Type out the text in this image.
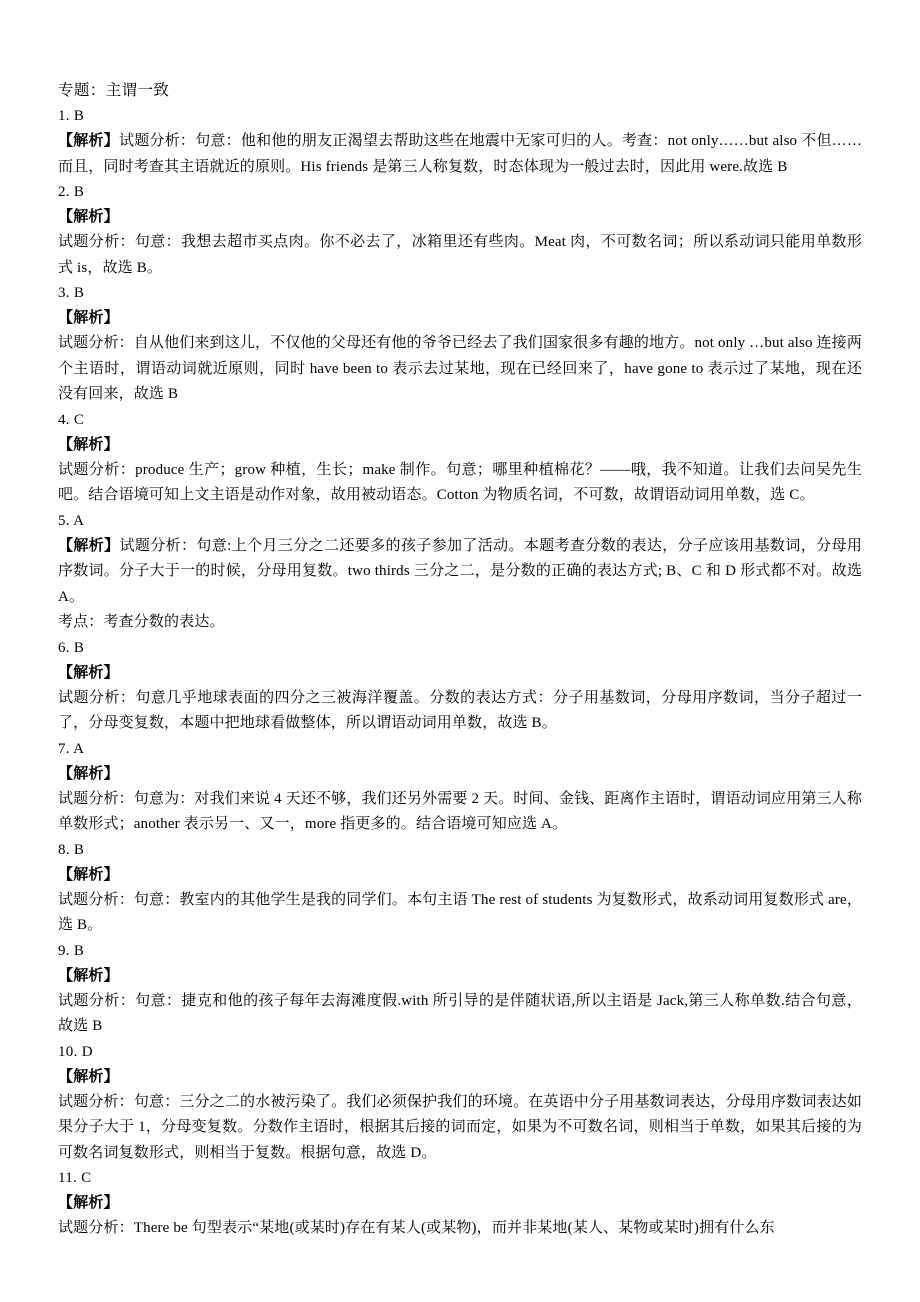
专题：主谓一致
1. B
【解析】试题分析：句意：他和他的朋友正渴望去帮助这些在地震中无家可归的人。考查：not only……but also 不但……而且，同时考查其主语就近的原则。His friends 是第三人称复数，时态体现为一般过去时，因此用 were.故选 B
2. B
【解析】
试题分析：句意：我想去超市买点肉。你不必去了，冰箱里还有些肉。Meat 肉，不可数名词；所以系动词只能用单数形式 is，故选 B。
3. B
【解析】
试题分析：自从他们来到这儿，不仅他的父母还有他的爷爷已经去了我们国家很多有趣的地方。not only …but also 连接两个主语时，谓语动词就近原则，同时 have been to 表示去过某地，现在已经回来了，have gone to 表示过了某地，现在还没有回来，故选 B
4. C
【解析】
试题分析：produce 生产；grow 种植，生长；make 制作。句意；哪里种植棉花？——哦，我不知道。让我们去问吴先生吧。结合语境可知上文主语是动作对象，故用被动语态。Cotton 为物质名词，不可数，故谓语动词用单数，选 C。
5. A
【解析】试题分析：句意:上个月三分之二还要多的孩子参加了活动。本题考查分数的表达，分子应该用基数词，分母用序数词。分子大于一的时候，分母用复数。two thirds 三分之二，是分数的正确的表达方式; B、C 和 D 形式都不对。故选 A。
考点：考查分数的表达。
6. B
【解析】
试题分析：句意几乎地球表面的四分之三被海洋覆盖。分数的表达方式：分子用基数词，分母用序数词，当分子超过一了，分母变复数，本题中把地球看做整体，所以谓语动词用单数，故选 B。
7. A
【解析】
试题分析：句意为：对我们来说 4 天还不够，我们还另外需要 2 天。时间、金钱、距离作主语时，谓语动词应用第三人称单数形式；another 表示另一、又一，more 指更多的。结合语境可知应选 A。
8. B
【解析】
试题分析：句意：教室内的其他学生是我的同学们。本句主语 The rest of students 为复数形式，故系动词用复数形式 are，选 B。
9. B
【解析】
试题分析：句意：捷克和他的孩子每年去海滩度假.with 所引导的是伴随状语,所以主语是 Jack,第三人称单数.结合句意，故选 B
10. D
【解析】
试题分析：句意：三分之二的水被污染了。我们必须保护我们的环境。在英语中分子用基数词表达，分母用序数词表达如果分子大于 1，分母变复数。分数作主语时，根据其后接的词而定，如果为不可数名词，则相当于单数，如果其后接的为可数名词复数形式，则相当于复数。根据句意，故选 D。
11. C
【解析】
试题分析：There be 句型表示“某地(或某时)存在有某人(或某物)，而并非某地(某人、某物或某时)拥有什么东
